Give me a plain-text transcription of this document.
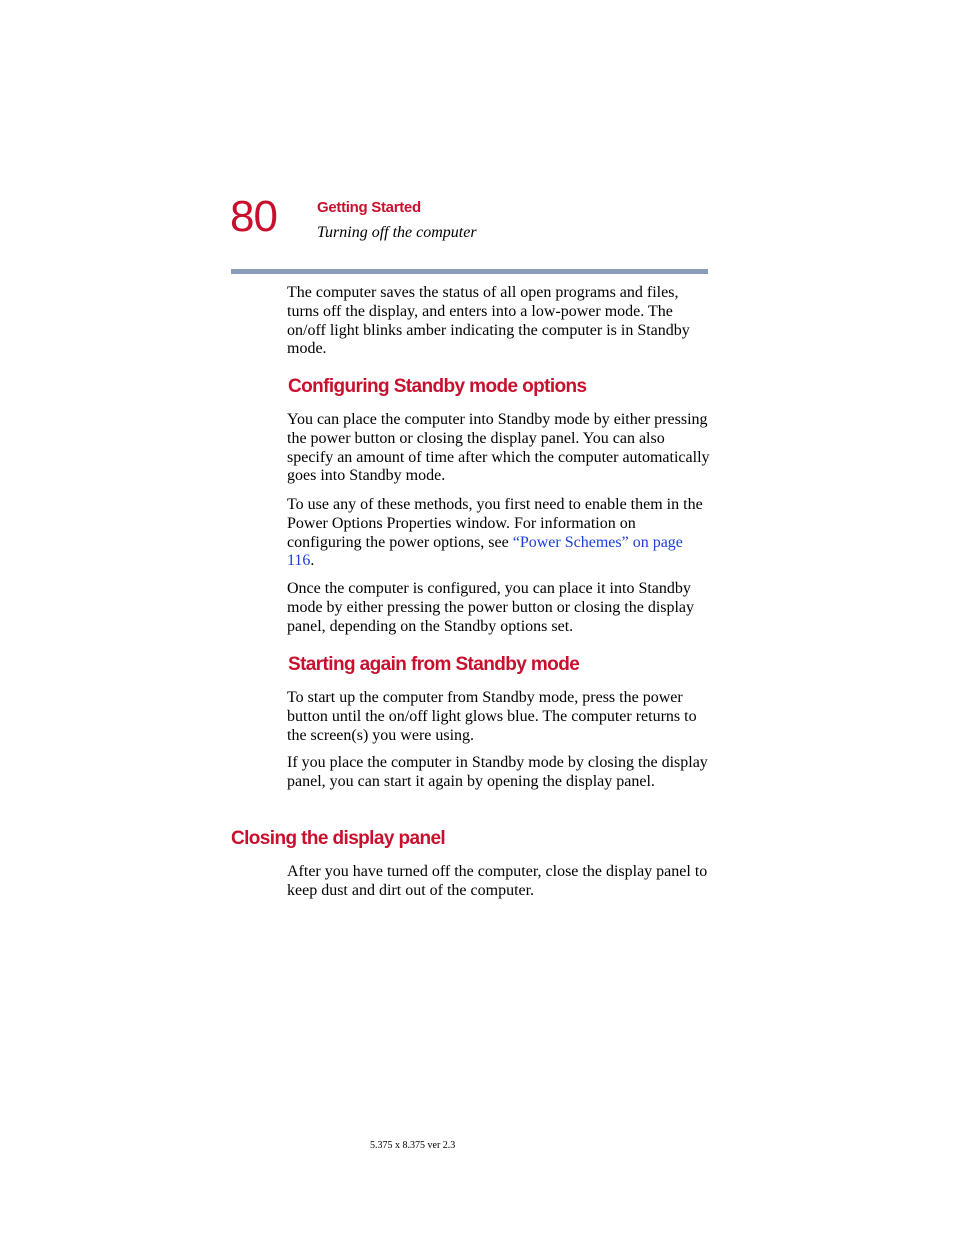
80	Getting Started
Turning off the computer

The computer saves the status of all open programs and files, turns off the display, and enters into a low-power mode. The on/off light blinks amber indicating the computer is in Standby mode.

Configuring Standby mode options

You can place the computer into Standby mode by either pressing the power button or closing the display panel. You can also specify an amount of time after which the computer automatically goes into Standby mode.

To use any of these methods, you first need to enable them in the Power Options Properties window. For information on configuring the power options, see “Power Schemes” on page 116.

Once the computer is configured, you can place it into Standby mode by either pressing the power button or closing the display panel, depending on the Standby options set.

Starting again from Standby mode

To start up the computer from Standby mode, press the power button until the on/off light glows blue. The computer returns to the screen(s) you were using.

If you place the computer in Standby mode by closing the display panel, you can start it again by opening the display panel.

Closing the display panel

After you have turned off the computer, close the display panel to keep dust and dirt out of the computer.

5.375 x 8.375 ver 2.3
